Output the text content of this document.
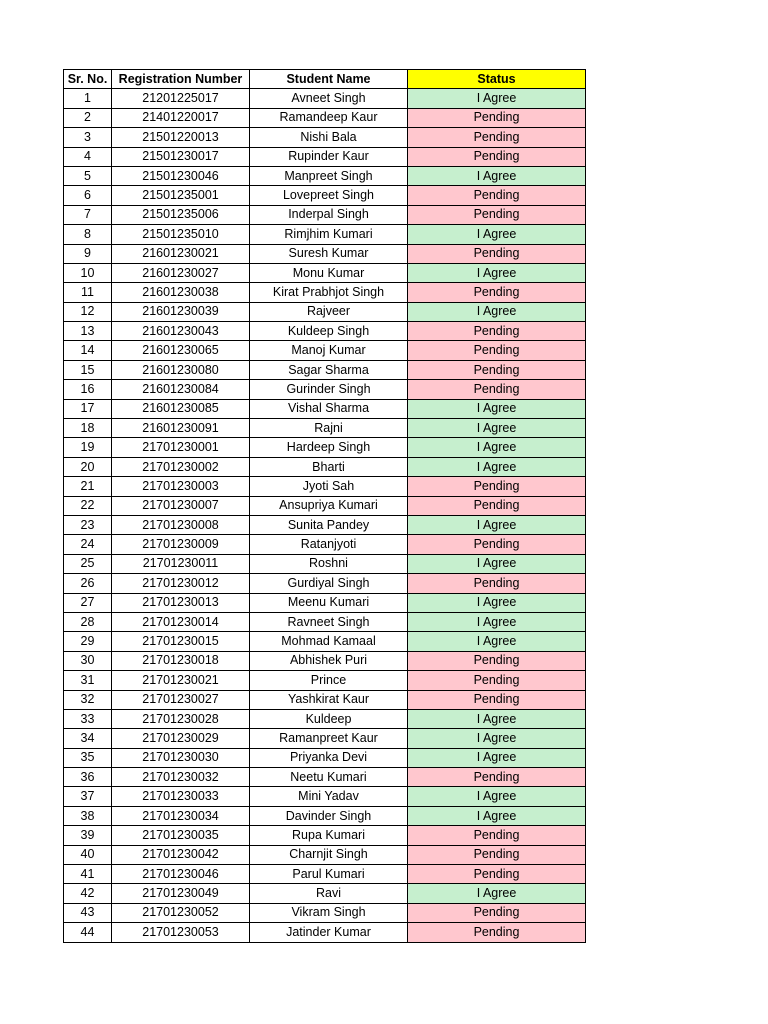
Sr. No.	Registration Number	Student Name	Status
1	21201225017	Avneet Singh	I Agree
2	21401220017	Ramandeep Kaur	Pending
3	21501220013	Nishi Bala	Pending
4	21501230017	Rupinder Kaur	Pending
5	21501230046	Manpreet Singh	I Agree
6	21501235001	Lovepreet Singh	Pending
7	21501235006	Inderpal Singh	Pending
8	21501235010	Rimjhim Kumari	I Agree
9	21601230021	Suresh Kumar	Pending
10	21601230027	Monu Kumar	I Agree
11	21601230038	Kirat Prabhjot Singh	Pending
12	21601230039	Rajveer	I Agree
13	21601230043	Kuldeep Singh	Pending
14	21601230065	Manoj Kumar	Pending
15	21601230080	Sagar Sharma	Pending
16	21601230084	Gurinder Singh	Pending
17	21601230085	Vishal Sharma	I Agree
18	21601230091	Rajni	I Agree
19	21701230001	Hardeep Singh	I Agree
20	21701230002	Bharti	I Agree
21	21701230003	Jyoti Sah	Pending
22	21701230007	Ansupriya Kumari	Pending
23	21701230008	Sunita Pandey	I Agree
24	21701230009	Ratanjyoti	Pending
25	21701230011	Roshni	I Agree
26	21701230012	Gurdiyal Singh	Pending
27	21701230013	Meenu Kumari	I Agree
28	21701230014	Ravneet Singh	I Agree
29	21701230015	Mohmad Kamaal	I Agree
30	21701230018	Abhishek Puri	Pending
31	21701230021	Prince	Pending
32	21701230027	Yashkirat Kaur	Pending
33	21701230028	Kuldeep	I Agree
34	21701230029	Ramanpreet Kaur	I Agree
35	21701230030	Priyanka Devi	I Agree
36	21701230032	Neetu Kumari	Pending
37	21701230033	Mini Yadav	I Agree
38	21701230034	Davinder Singh	I Agree
39	21701230035	Rupa Kumari	Pending
40	21701230042	Charnjit Singh	Pending
41	21701230046	Parul Kumari	Pending
42	21701230049	Ravi	I Agree
43	21701230052	Vikram Singh	Pending
44	21701230053	Jatinder Kumar	Pending
